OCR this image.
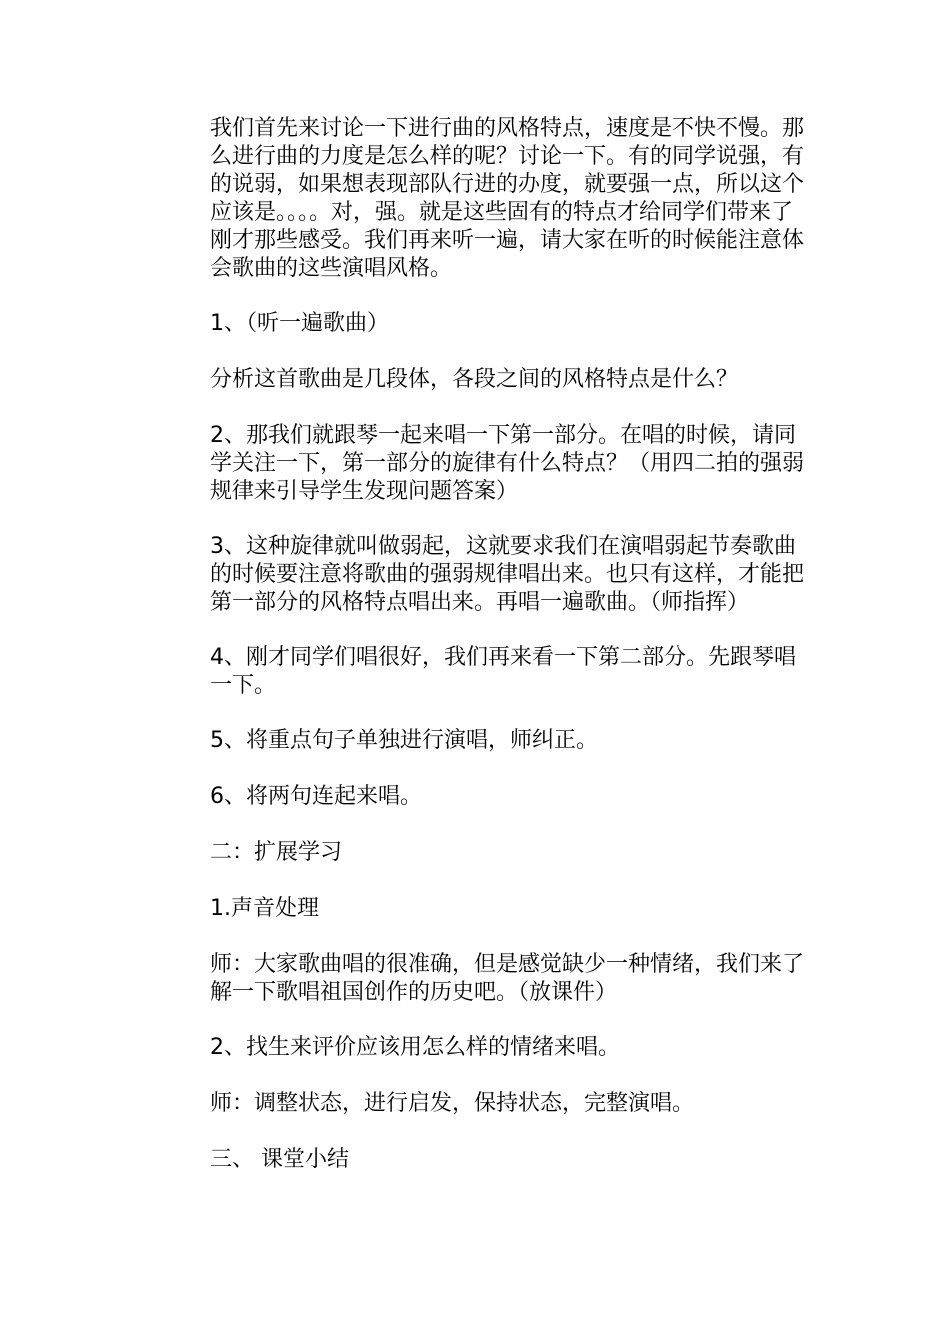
我们首先来讨论一下进行曲的风格特点，速度是不快不慢。那么进行曲的力度是怎么样的呢？讨论一下。有的同学说强，有的说弱，如果想表现部队行进的办度，就要强一点，所以这个应该是。。。。对，强。就是这些固有的特点才给同学们带来了刚才那些感受。我们再来听一遍，请大家在听的时候能注意体会歌曲的这些演唱风格。

1、（听一遍歌曲）

分析这首歌曲是几段体，各段之间的风格特点是什么？

2、那我们就跟琴一起来唱一下第一部分。在唱的时候，请同学关注一下，第一部分的旋律有什么特点？（用四二拍的强弱规律来引导学生发现问题答案）

3、这种旋律就叫做弱起，这就要求我们在演唱弱起节奏歌曲的时候要注意将歌曲的强弱规律唱出来。也只有这样，才能把第一部分的风格特点唱出来。再唱一遍歌曲。（师指挥）

4、刚才同学们唱很好，我们再来看一下第二部分。先跟琴唱一下。

5、将重点句子单独进行演唱，师纠正。

6、将两句连起来唱。

二：扩展学习

1.声音处理

师：大家歌曲唱的很准确，但是感觉缺少一种情绪，我们来了解一下歌唱祖国创作的历史吧。（放课件）

2、找生来评价应该用怎么样的情绪来唱。

师：调整状态，进行启发，保持状态，完整演唱。

三、 课堂小结
